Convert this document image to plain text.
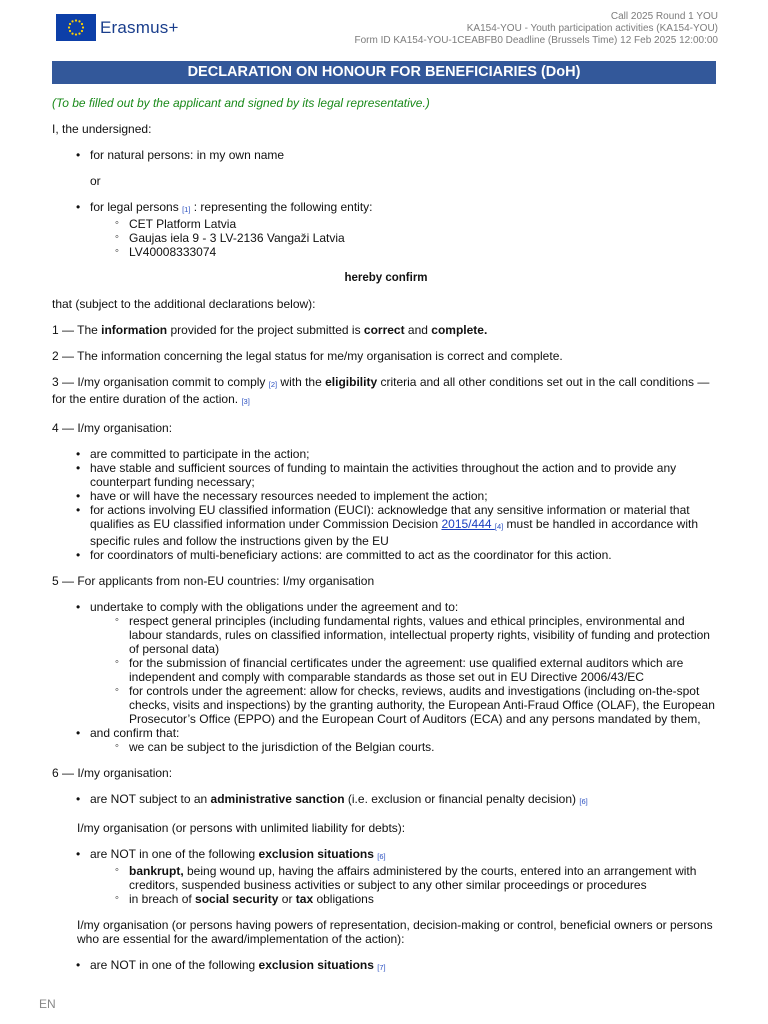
Erasmus+
Call 2025 Round 1 YOU
KA154-YOU - Youth participation activities (KA154-YOU)
Form ID KA154-YOU-1CEABFB0 Deadline (Brussels Time) 12 Feb 2025 12:00:00
DECLARATION ON HONOUR FOR BENEFICIARIES (DoH)

(To be filled out by the applicant and signed by its legal representative.)

I, the undersigned:

• for natural persons: in my own name

or

• for legal persons [1] : representing the following entity:
◦ CET Platform Latvia
◦ Gaujas iela 9 - 3 LV-2136 Vangaži Latvia
◦ LV40008333074

hereby confirm

that (subject to the additional declarations below):

1 — The information provided for the project submitted is correct and complete.

2 — The information concerning the legal status for me/my organisation is correct and complete.

3 — I/my organisation commit to comply [2] with the eligibility criteria and all other conditions set out in the call conditions — for the entire duration of the action. [3]

4 — I/my organisation:

• are committed to participate in the action;
• have stable and sufficient sources of funding to maintain the activities throughout the action and to provide any counterpart funding necessary;
• have or will have the necessary resources needed to implement the action;
• for actions involving EU classified information (EUCI): acknowledge that any sensitive information or material that qualifies as EU classified information under Commission Decision 2015/444 [4] must be handled in accordance with specific rules and follow the instructions given by the EU
• for coordinators of multi-beneficiary actions: are committed to act as the coordinator for this action.

5 — For applicants from non-EU countries: I/my organisation

• undertake to comply with the obligations under the agreement and to:
◦ respect general principles (including fundamental rights, values and ethical principles, environmental and labour standards, rules on classified information, intellectual property rights, visibility of funding and protection of personal data)
◦ for the submission of financial certificates under the agreement: use qualified external auditors which are independent and comply with comparable standards as those set out in EU Directive 2006/43/EC
◦ for controls under the agreement: allow for checks, reviews, audits and investigations (including on-the-spot checks, visits and inspections) by the granting authority, the European Anti-Fraud Office (OLAF), the European Prosecutor’s Office (EPPO) and the European Court of Auditors (ECA) and any persons mandated by them,
• and confirm that:
◦ we can be subject to the jurisdiction of the Belgian courts.

6 — I/my organisation:

• are NOT subject to an administrative sanction (i.e. exclusion or financial penalty decision) [6]

I/my organisation (or persons with unlimited liability for debts):

• are NOT in one of the following exclusion situations [6]
◦ bankrupt, being wound up, having the affairs administered by the courts, entered into an arrangement with creditors, suspended business activities or subject to any other similar proceedings or procedures
◦ in breach of social security or tax obligations

I/my organisation (or persons having powers of representation, decision-making or control, beneficial owners or persons who are essential for the award/implementation of the action):

• are NOT in one of the following exclusion situations [7]
EN
